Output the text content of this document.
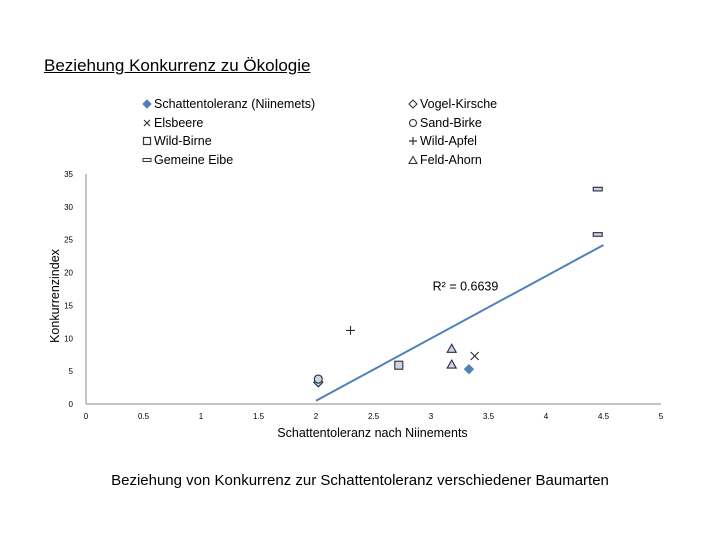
Beziehung Konkurrenz zu Ökologie
Schattentoleranz (Niinemets)
Elsbeere
Wild-Birne
Gemeine Eibe
Vogel-Kirsche
Sand-Birke
Wild-Apfel
Feld-Ahorn
0	0.5	1	1.5	2	2.5	3	3.5	4	4.5	5
0
5
10
15
20
25
30
35
R² = 0.6639
Schattentoleranz nach Niinements
Konkurrenzindex
Beziehung von Konkurrenz zur Schattentoleranz verschiedener Baumarten
